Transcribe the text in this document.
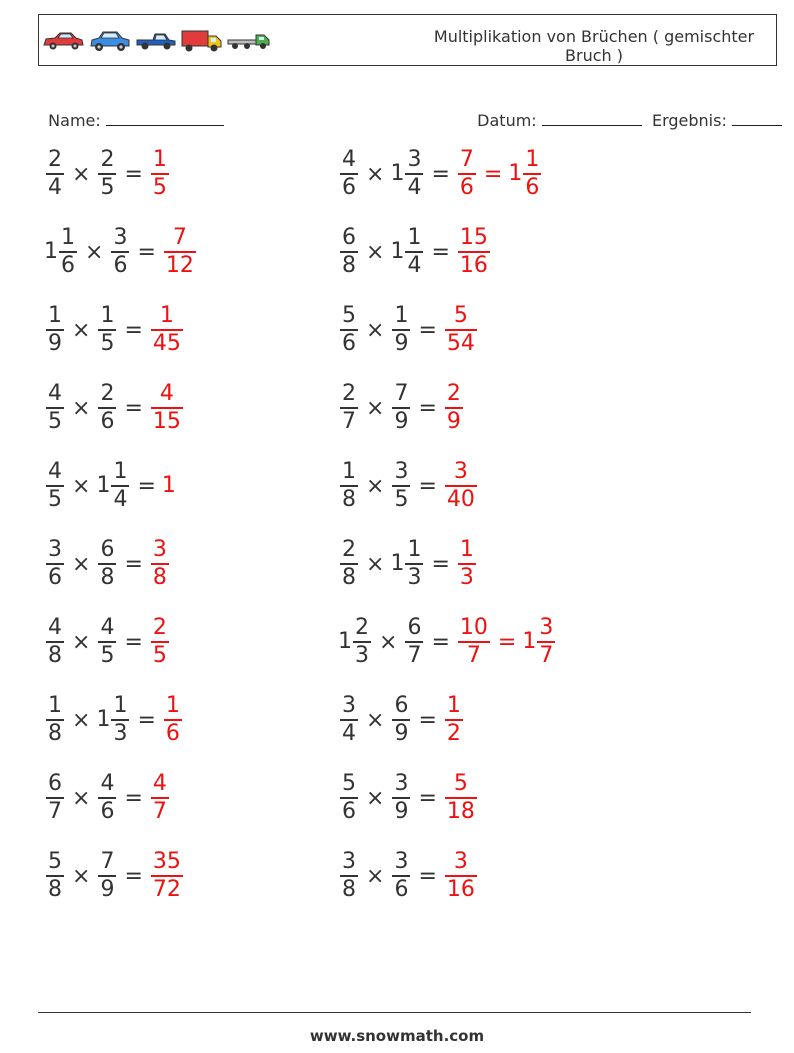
Multiplikation von Brüchen ( gemischter Bruch )

Name:	Datum:	Ergebnis:

$\frac{2}{4} \times \frac{2}{5} = \frac{1}{5}$	$\frac{4}{6} \times 1 \frac{3}{4} = \frac{7}{6} = 1 \frac{1}{6}$
$1 \frac{1}{6} \times \frac{3}{6} = \frac{7}{12}$	$\frac{6}{8} \times 1 \frac{1}{4} = \frac{15}{16}$
$\frac{1}{9} \times \frac{1}{5} = \frac{1}{45}$	$\frac{5}{6} \times \frac{1}{9} = \frac{5}{54}$
$\frac{4}{5} \times \frac{2}{6} = \frac{4}{15}$	$\frac{2}{7} \times \frac{7}{9} = \frac{2}{9}$
$\frac{4}{5} \times 1 \frac{1}{4} = 1$	$\frac{1}{8} \times \frac{3}{5} = \frac{3}{40}$
$\frac{3}{6} \times \frac{6}{8} = \frac{3}{8}$	$\frac{2}{8} \times 1 \frac{1}{3} = \frac{1}{3}$
$\frac{4}{8} \times \frac{4}{5} = \frac{2}{5}$	$1 \frac{2}{3} \times \frac{6}{7} = \frac{10}{7} = 1 \frac{3}{7}$
$\frac{1}{8} \times 1 \frac{1}{3} = \frac{1}{6}$	$\frac{3}{4} \times \frac{6}{9} = \frac{1}{2}$
$\frac{6}{7} \times \frac{4}{6} = \frac{4}{7}$	$\frac{5}{6} \times \frac{3}{9} = \frac{5}{18}$
$\frac{5}{8} \times \frac{7}{9} = \frac{35}{72}$	$\frac{3}{8} \times \frac{3}{6} = \frac{3}{16}$
www.snowmath.com
